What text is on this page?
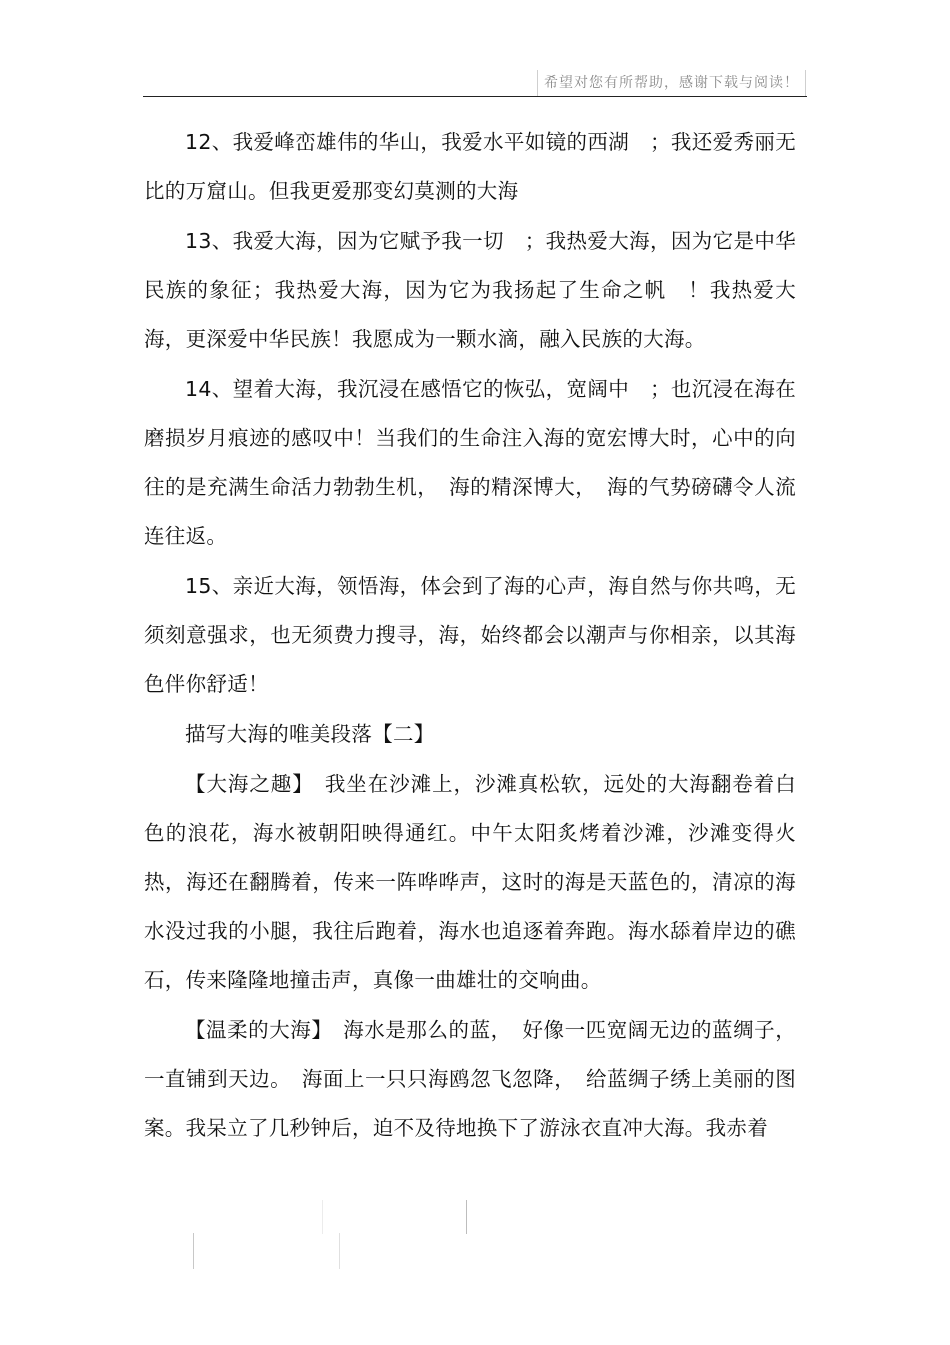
希望对您有所帮助，感谢下载与阅读！

12、我爱峰峦雄伟的华山，我爱水平如镜的西湖　；我还爱秀丽无比的万窟山。但我更爱那变幻莫测的大海

13、我爱大海，因为它赋予我一切　；我热爱大海，因为它是中华民族的象征；我热爱大海，因为它为我扬起了生命之帆　！我热爱大海，更深爱中华民族！我愿成为一颗水滴，融入民族的大海。

14、望着大海，我沉浸在感悟它的恢弘，宽阔中　；也沉浸在海在磨损岁月痕迹的感叹中！当我们的生命注入海的宽宏博大时，心中的向往的是充满生命活力勃勃生机，　海的精深博大，　海的气势磅礴令人流连往返。

15、亲近大海，领悟海，体会到了海的心声，海自然与你共鸣，无须刻意强求，也无须费力搜寻，海，始终都会以潮声与你相亲，以其海色伴你舒适！

描写大海的唯美段落【二】

【大海之趣】　我坐在沙滩上，沙滩真松软，远处的大海翻卷着白色的浪花，海水被朝阳映得通红。中午太阳炙烤着沙滩，沙滩变得火热，海还在翻腾着，传来一阵哗哗声，这时的海是天蓝色的，清凉的海水没过我的小腿，我往后跑着，海水也追逐着奔跑。海水舔着岸边的礁石，传来隆隆地撞击声，真像一曲雄壮的交响曲。

【温柔的大海】　海水是那么的蓝，　好像一匹宽阔无边的蓝绸子，一直铺到天边。　海面上一只只海鸥忽飞忽降，　给蓝绸子绣上美丽的图案。我呆立了几秒钟后，迫不及待地换下了游泳衣直冲大海。我赤着
